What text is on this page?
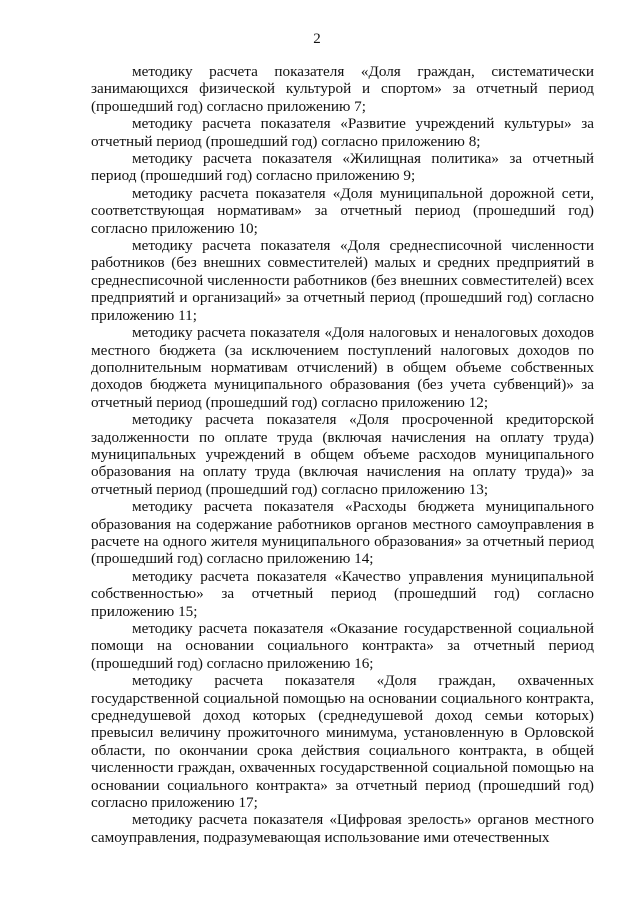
2

методику расчета показателя «Доля граждан, систематически занимающихся физической культурой и спортом» за отчетный период (прошедший год) согласно приложению 7;

методику расчета показателя «Развитие учреждений культуры» за отчетный период (прошедший год) согласно приложению 8;

методику расчета показателя «Жилищная политика» за отчетный период (прошедший год) согласно приложению 9;

методику расчета показателя «Доля муниципальной дорожной сети, соответствующая нормативам» за отчетный период (прошедший год) согласно приложению 10;

методику расчета показателя «Доля среднесписочной численности работников (без внешних совместителей) малых и средних предприятий в среднесписочной численности работников (без внешних совместителей) всех предприятий и организаций» за отчетный период (прошедший год) согласно приложению 11;

методику расчета показателя «Доля налоговых и неналоговых доходов местного бюджета (за исключением поступлений налоговых доходов по дополнительным нормативам отчислений) в общем объеме собственных доходов бюджета муниципального образования (без учета субвенций)» за отчетный период (прошедший год) согласно приложению 12;

методику расчета показателя «Доля просроченной кредиторской задолженности по оплате труда (включая начисления на оплату труда) муниципальных учреждений в общем объеме расходов муниципального образования на оплату труда (включая начисления на оплату труда)» за отчетный период (прошедший год) согласно приложению 13;

методику расчета показателя «Расходы бюджета муниципального образования на содержание работников органов местного самоуправления в расчете на одного жителя муниципального образования» за отчетный период (прошедший год) согласно приложению 14;

методику расчета показателя «Качество управления муниципальной собственностью» за отчетный период (прошедший год) согласно приложению 15;

методику расчета показателя «Оказание государственной социальной помощи на основании социального контракта» за отчетный период (прошедший год) согласно приложению 16;

методику расчета показателя «Доля граждан, охваченных государственной социальной помощью на основании социального контракта, среднедушевой доход которых (среднедушевой доход семьи которых) превысил величину прожиточного минимума, установленную в Орловской области, по окончании срока действия социального контракта, в общей численности граждан, охваченных государственной социальной помощью на основании социального контракта» за отчетный период (прошедший год) согласно приложению 17;

методику расчета показателя «Цифровая зрелость» органов местного самоуправления, подразумевающая использование ими отечественных
